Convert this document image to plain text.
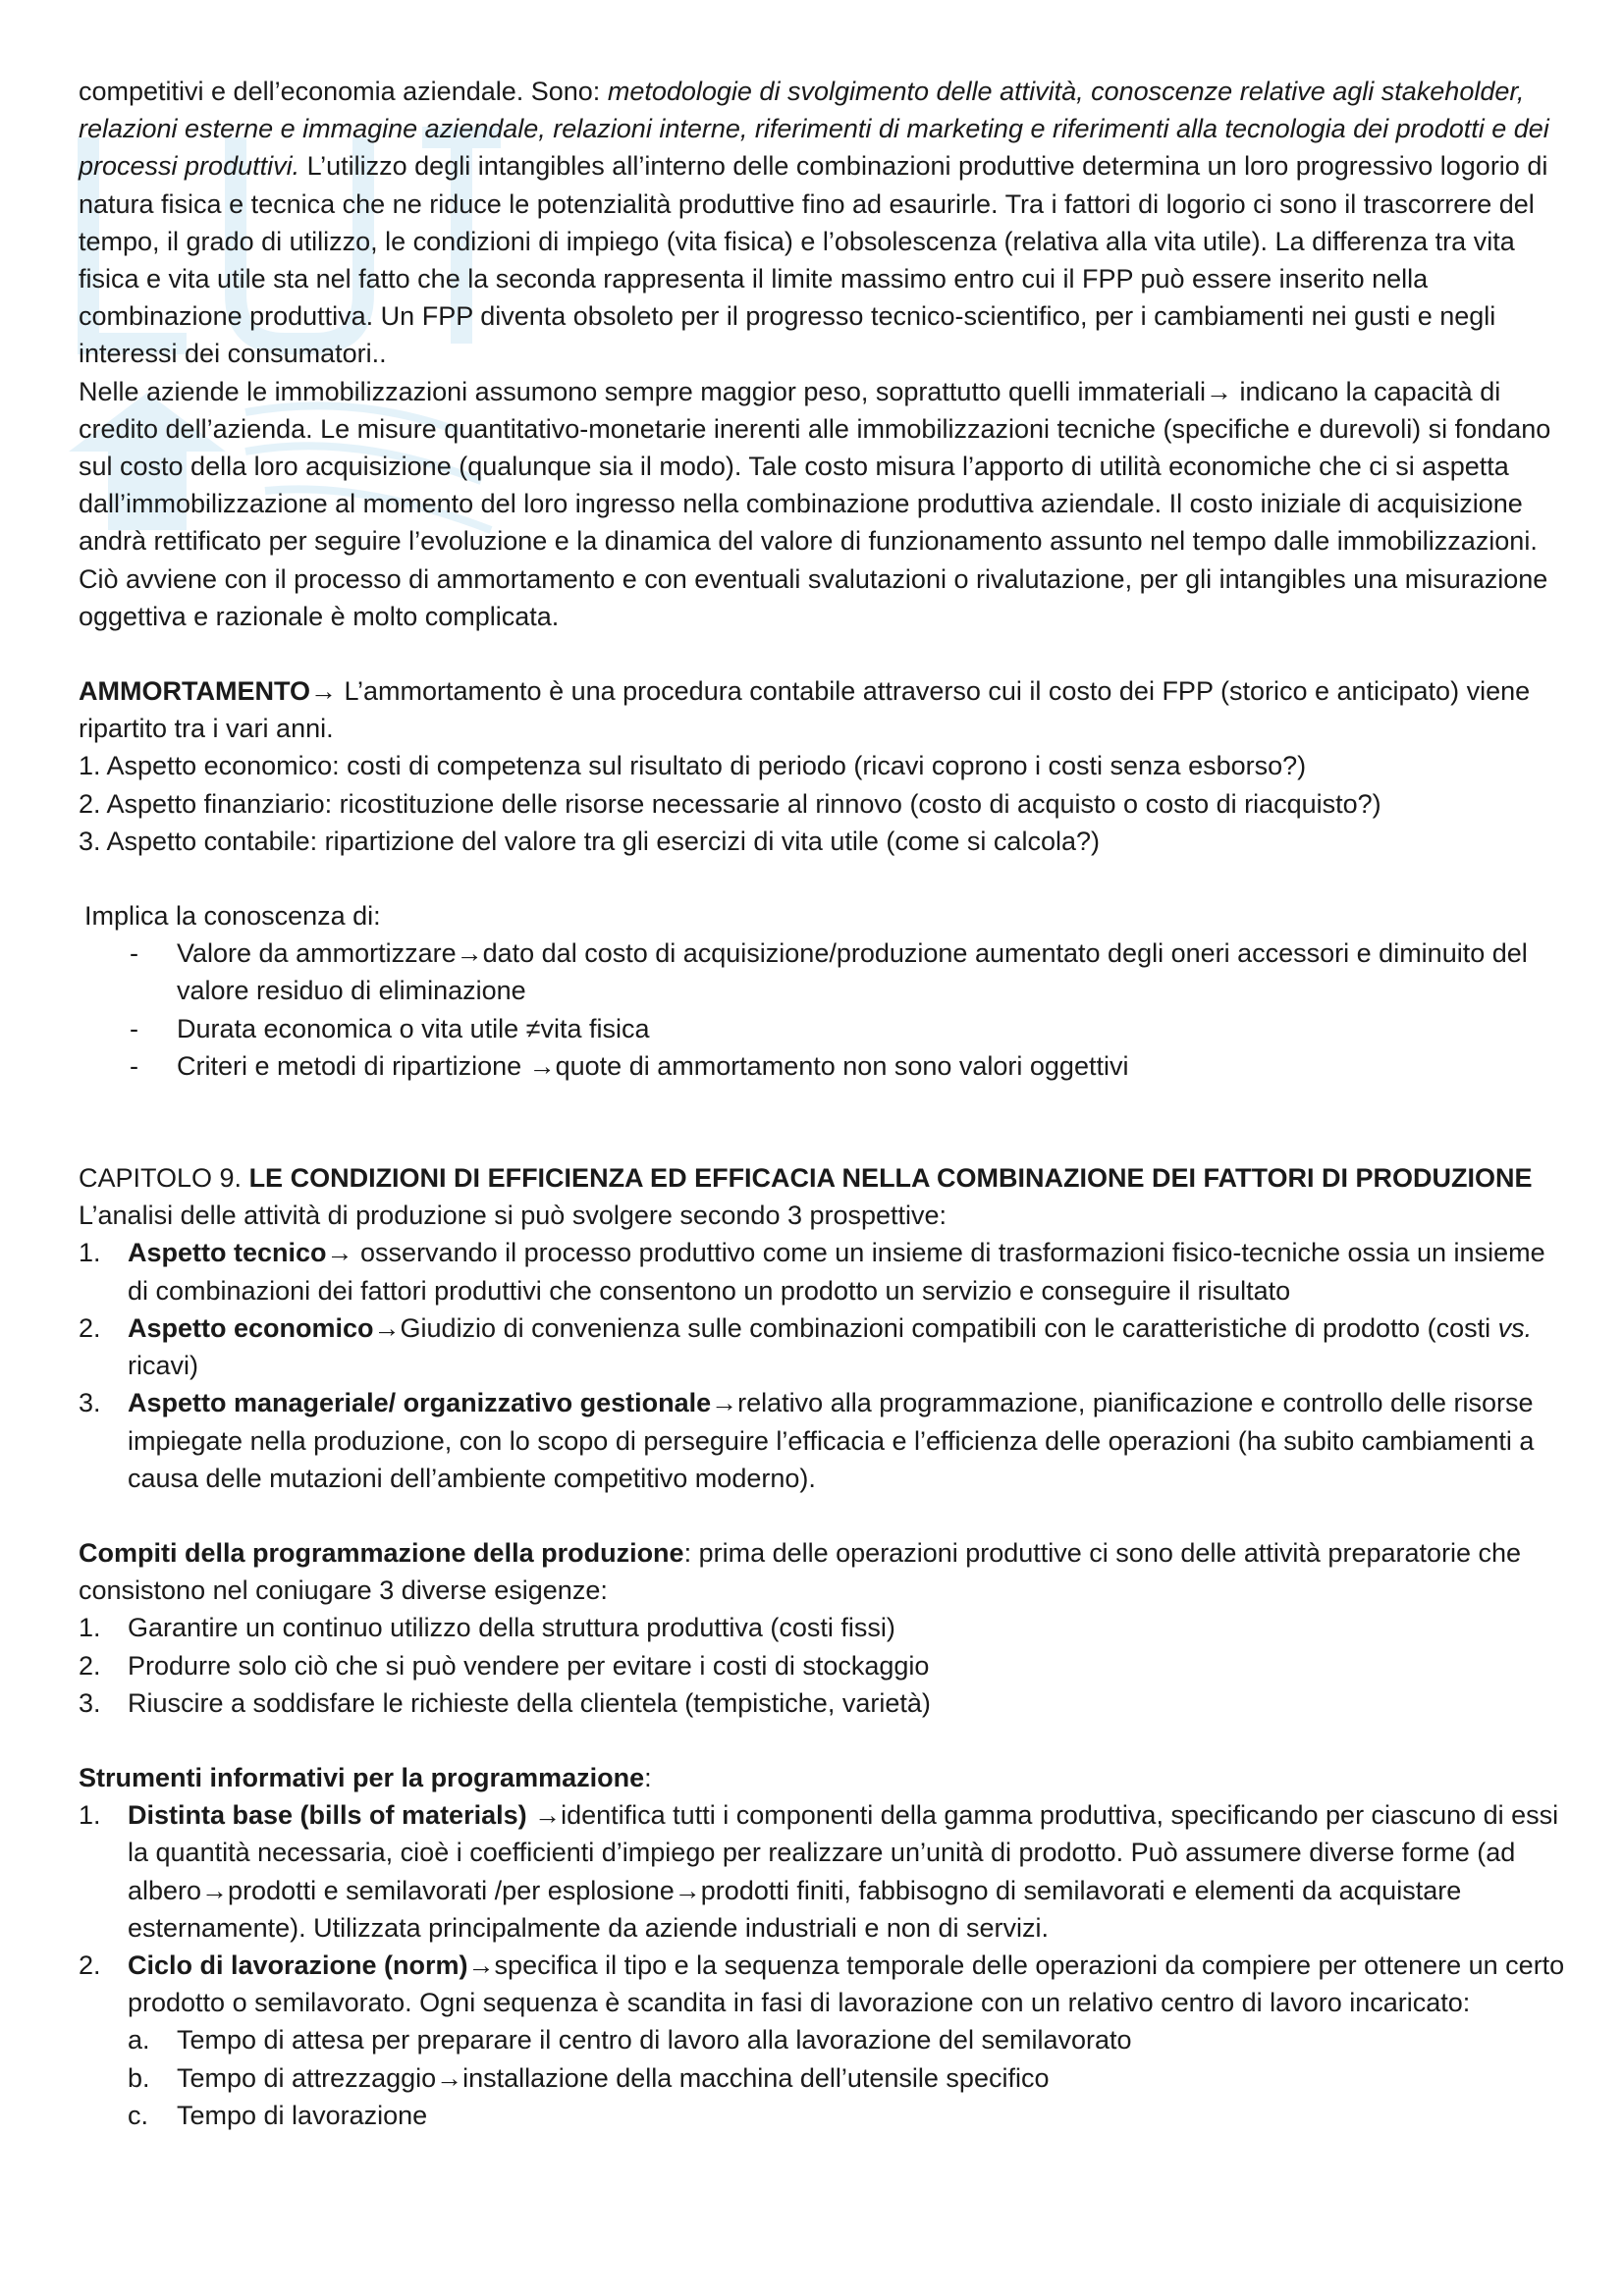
competitivi e dell’economia aziendale. Sono: metodologie di svolgimento delle attività, conoscenze relative agli stakeholder, relazioni esterne e immagine aziendale, relazioni interne, riferimenti di marketing e riferimenti alla tecnologia dei prodotti e dei processi produttivi. L’utilizzo degli intangibles all’interno delle combinazioni produttive determina un loro progressivo logorio di natura fisica e tecnica che ne riduce le potenzialità produttive fino ad esaurirle. Tra i fattori di logorio ci sono il trascorrere del tempo, il grado di utilizzo, le condizioni di impiego (vita fisica) e l’obsolescenza (relativa alla vita utile). La differenza tra vita fisica e vita utile sta nel fatto che la seconda rappresenta il limite massimo entro cui il FPP può essere inserito nella combinazione produttiva. Un FPP diventa obsoleto per il progresso tecnico-scientifico, per i cambiamenti nei gusti e negli interessi dei consumatori..

Nelle aziende le immobilizzazioni assumono sempre maggior peso, soprattutto quelli immateriali→ indicano la capacità di credito dell’azienda. Le misure quantitativo-monetarie inerenti alle immobilizzazioni tecniche (specifiche e durevoli) si fondano sul costo della loro acquisizione (qualunque sia il modo). Tale costo misura l’apporto di utilità economiche che ci si aspetta dall’immobilizzazione al momento del loro ingresso nella combinazione produttiva aziendale. Il costo iniziale di acquisizione andrà rettificato per seguire l’evoluzione e la dinamica del valore di funzionamento assunto nel tempo dalle immobilizzazioni. Ciò avviene con il processo di ammortamento e con eventuali svalutazioni o rivalutazione, per gli intangibles una misurazione oggettiva e razionale è molto complicata.

AMMORTAMENTO→ L’ammortamento è una procedura contabile attraverso cui il costo dei FPP (storico e anticipato) viene ripartito tra i vari anni.

1. Aspetto economico: costi di competenza sul risultato di periodo (ricavi coprono i costi senza esborso?)

2. Aspetto finanziario: ricostituzione delle risorse necessarie al rinnovo (costo di acquisto o costo di riacquisto?)

3. Aspetto contabile: ripartizione del valore tra gli esercizi di vita utile (come si calcola?)

Implica la conoscenza di:

- Valore da ammortizzare→dato dal costo di acquisizione/produzione aumentato degli oneri accessori e diminuito del valore residuo di eliminazione
- Durata economica o vita utile ≠vita fisica
- Criteri e metodi di ripartizione →quote di ammortamento non sono valori oggettivi

CAPITOLO 9. LE CONDIZIONI DI EFFICIENZA ED EFFICACIA NELLA COMBINAZIONE DEI FATTORI DI PRODUZIONE

L’analisi delle attività di produzione si può svolgere secondo 3 prospettive:

1. Aspetto tecnico→ osservando il processo produttivo come un insieme di trasformazioni fisico-tecniche ossia un insieme di combinazioni dei fattori produttivi che consentono un prodotto un servizio e conseguire il risultato
2. Aspetto economico→Giudizio di convenienza sulle combinazioni compatibili con le caratteristiche di prodotto (costi vs. ricavi)
3. Aspetto manageriale/ organizzativo gestionale→relativo alla programmazione, pianificazione e controllo delle risorse impiegate nella produzione, con lo scopo di perseguire l’efficacia e l’efficienza delle operazioni (ha subito cambiamenti a causa delle mutazioni dell’ambiente competitivo moderno).

Compiti della programmazione della produzione: prima delle operazioni produttive ci sono delle attività preparatorie che consistono nel coniugare 3 diverse esigenze:

1. Garantire un continuo utilizzo della struttura produttiva (costi fissi)
2. Produrre solo ciò che si può vendere per evitare i costi di stockaggio
3. Riuscire a soddisfare le richieste della clientela (tempistiche, varietà)

Strumenti informativi per la programmazione:

1. Distinta base (bills of materials) →identifica tutti i componenti della gamma produttiva, specificando per ciascuno di essi la quantità necessaria, cioè i coefficienti d’impiego per realizzare un’unità di prodotto. Può assumere diverse forme (ad albero→prodotti e semilavorati /per esplosione→prodotti finiti, fabbisogno di semilavorati e elementi da acquistare esternamente). Utilizzata principalmente da aziende industriali e non di servizi.
2. Ciclo di lavorazione (norm)→specifica il tipo e la sequenza temporale delle operazioni da compiere per ottenere un certo prodotto o semilavorato. Ogni sequenza è scandita in fasi di lavorazione con un relativo centro di lavoro incaricato:
a. Tempo di attesa per preparare il centro di lavoro alla lavorazione del semilavorato
b. Tempo di attrezzaggio→installazione della macchina dell’utensile specifico
c. Tempo di lavorazione
